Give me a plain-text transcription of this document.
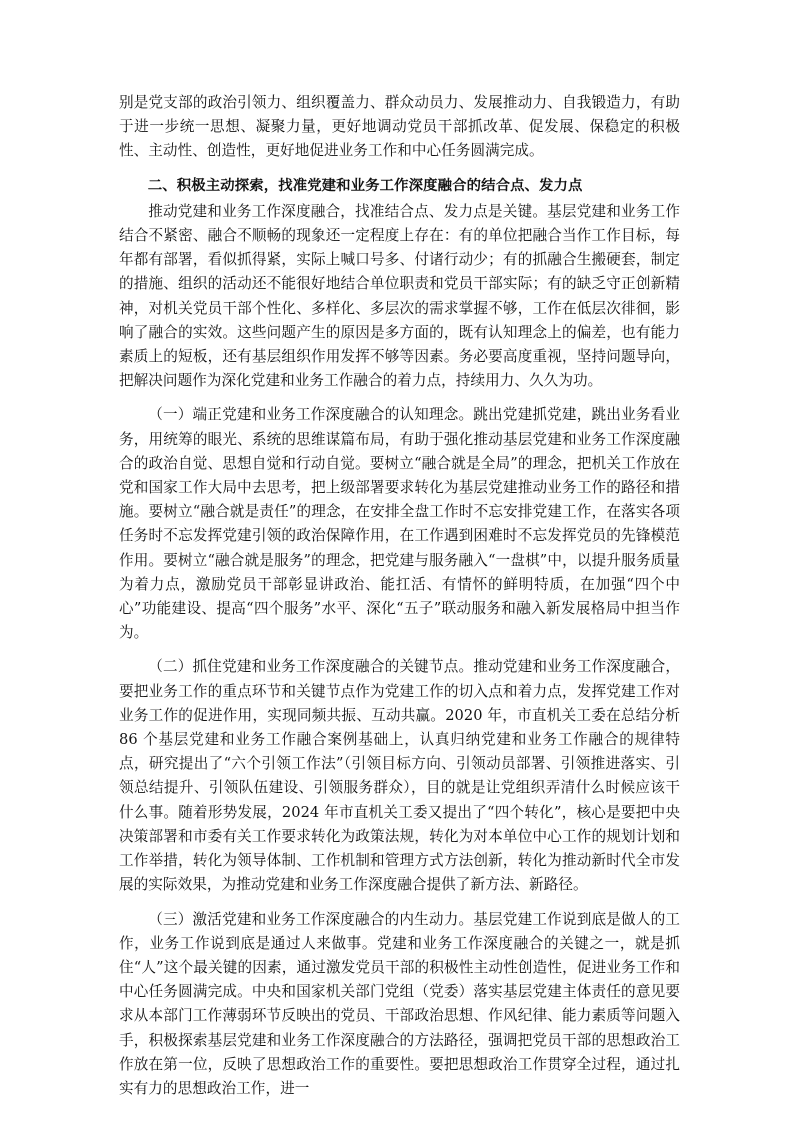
别是党支部的政治引领力、组织覆盖力、群众动员力、发展推动力、自我锻造力，有助于进一步统一思想、凝聚力量，更好地调动党员干部抓改革、促发展、保稳定的积极性、主动性、创造性，更好地促进业务工作和中心任务圆满完成。

二、积极主动探索，找准党建和业务工作深度融合的结合点、发力点

推动党建和业务工作深度融合，找准结合点、发力点是关键。基层党建和业务工作结合不紧密、融合不顺畅的现象还一定程度上存在：有的单位把融合当作工作目标，每年都有部署，看似抓得紧，实际上喊口号多、付诸行动少；有的抓融合生搬硬套，制定的措施、组织的活动还不能很好地结合单位职责和党员干部实际；有的缺乏守正创新精神，对机关党员干部个性化、多样化、多层次的需求掌握不够，工作在低层次徘徊，影响了融合的实效。这些问题产生的原因是多方面的，既有认知理念上的偏差，也有能力素质上的短板，还有基层组织作用发挥不够等因素。务必要高度重视，坚持问题导向，把解决问题作为深化党建和业务工作融合的着力点，持续用力、久久为功。

（一）端正党建和业务工作深度融合的认知理念。跳出党建抓党建，跳出业务看业务，用统筹的眼光、系统的思维谋篇布局，有助于强化推动基层党建和业务工作深度融合的政治自觉、思想自觉和行动自觉。要树立“融合就是全局”的理念，把机关工作放在党和国家工作大局中去思考，把上级部署要求转化为基层党建推动业务工作的路径和措施。要树立“融合就是责任”的理念，在安排全盘工作时不忘安排党建工作，在落实各项任务时不忘发挥党建引领的政治保障作用，在工作遇到困难时不忘发挥党员的先锋模范作用。要树立“融合就是服务”的理念，把党建与服务融入“一盘棋”中，以提升服务质量为着力点，激励党员干部彰显讲政治、能扛活、有情怀的鲜明特质，在加强“四个中心”功能建设、提高“四个服务”水平、深化“五子”联动服务和融入新发展格局中担当作为。

（二）抓住党建和业务工作深度融合的关键节点。推动党建和业务工作深度融合，要把业务工作的重点环节和关键节点作为党建工作的切入点和着力点，发挥党建工作对业务工作的促进作用，实现同频共振、互动共赢。2020 年，市直机关工委在总结分析 86 个基层党建和业务工作融合案例基础上，认真归纳党建和业务工作融合的规律特点，研究提出了“六个引领工作法”（引领目标方向、引领动员部署、引领推进落实、引领总结提升、引领队伍建设、引领服务群众），目的就是让党组织弄清什么时候应该干什么事。随着形势发展，2024 年市直机关工委又提出了“四个转化”，核心是要把中央决策部署和市委有关工作要求转化为政策法规，转化为对本单位中心工作的规划计划和工作举措，转化为领导体制、工作机制和管理方式方法创新，转化为推动新时代全市发展的实际效果，为推动党建和业务工作深度融合提供了新方法、新路径。

（三）激活党建和业务工作深度融合的内生动力。基层党建工作说到底是做人的工作，业务工作说到底是通过人来做事。党建和业务工作深度融合的关键之一，就是抓住“人”这个最关键的因素，通过激发党员干部的积极性主动性创造性，促进业务工作和中心任务圆满完成。中央和国家机关部门党组（党委）落实基层党建主体责任的意见要求从本部门工作薄弱环节反映出的党员、干部政治思想、作风纪律、能力素质等问题入手，积极探索基层党建和业务工作深度融合的方法路径，强调把党员干部的思想政治工作放在第一位，反映了思想政治工作的重要性。要把思想政治工作贯穿全过程，通过扎实有力的思想政治工作，进一
